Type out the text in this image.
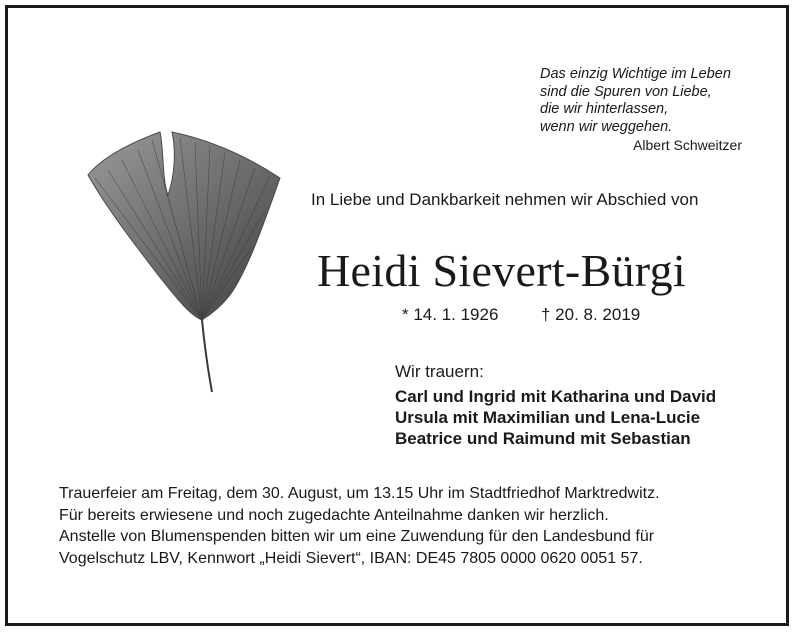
Das einzig Wichtige im Leben
sind die Spuren von Liebe,
die wir hinterlassen,
wenn wir weggehen.
Albert Schweitzer
In Liebe und Dankbarkeit nehmen wir Abschied von
Heidi Sievert-Bürgi
* 14. 1. 1926	† 20. 8. 2019
Wir trauern:
Carl und Ingrid mit Katharina und David
Ursula mit Maximilian und Lena-Lucie
Beatrice und Raimund mit Sebastian
Trauerfeier am Freitag, dem 30. August, um 13.15 Uhr im Stadtfriedhof Marktredwitz.
Für bereits erwiesene und noch zugedachte Anteilnahme danken wir herzlich.
Anstelle von Blumenspenden bitten wir um eine Zuwendung für den Landesbund für
Vogelschutz LBV, Kennwort „Heidi Sievert“, IBAN: DE45 7805 0000 0620 0051 57.
